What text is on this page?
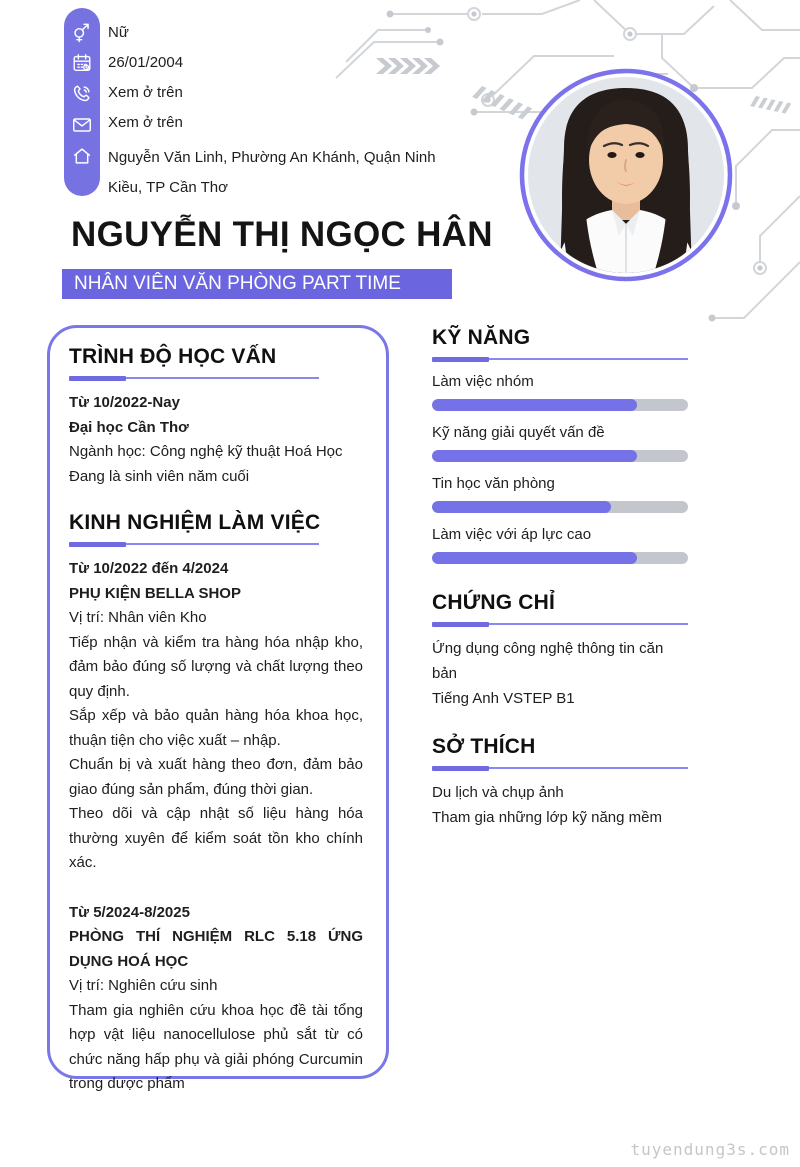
Nữ
26/01/2004
Xem ở trên
Xem ở trên
Nguyễn Văn Linh, Phường An Khánh, Quận Ninh Kiều, TP Cần Thơ
NGUYỄN THỊ NGỌC HÂN
NHÂN VIÊN VĂN PHÒNG PART TIME
TRÌNH ĐỘ HỌC VẤN
Từ 10/2022-Nay
Đại học Cần Thơ
Ngành học: Công nghệ kỹ thuật Hoá Học
Đang là sinh viên năm cuối
KINH NGHIỆM LÀM VIỆC
Từ 10/2022 đến 4/2024
PHỤ KIỆN BELLA SHOP
Vị trí: Nhân viên Kho
Tiếp nhận và kiểm tra hàng hóa nhập kho, đảm bảo đúng số lượng và chất lượng theo quy định.
Sắp xếp và bảo quản hàng hóa khoa học, thuận tiện cho việc xuất – nhập.
Chuẩn bị và xuất hàng theo đơn, đảm bảo giao đúng sản phẩm, đúng thời gian.
Theo dõi và cập nhật số liệu hàng hóa thường xuyên để kiểm soát tồn kho chính xác.
Từ 5/2024-8/2025
PHÒNG THÍ NGHIỆM RLC 5.18 ỨNG DỤNG HOÁ HỌC
Vị trí: Nghiên cứu sinh
Tham gia nghiên cứu khoa học đề tài tổng hợp vật liệu nanocellulose phủ sắt từ có chức năng hấp phụ và giải phóng Curcumin trong dược phẩm
KỸ NĂNG
Làm việc nhóm
Kỹ năng giải quyết vấn đề
Tin học văn phòng
Làm việc với áp lực cao
CHỨNG CHỈ
Ứng dụng công nghệ thông tin căn bản
Tiếng Anh VSTEP B1
SỞ THÍCH
Du lịch và chụp ảnh
Tham gia những lớp kỹ năng mềm
tuyendung3s.com
